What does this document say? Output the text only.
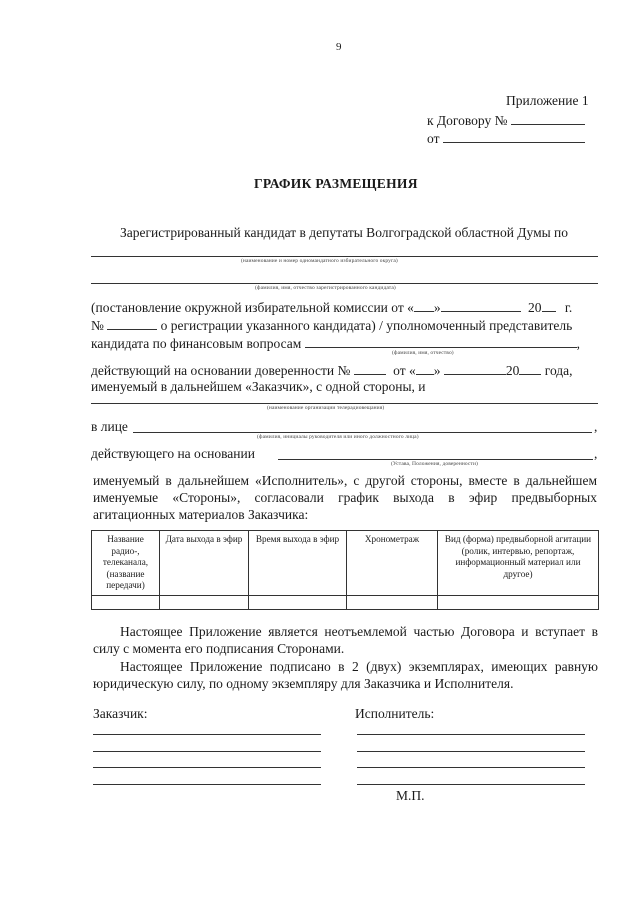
9
Приложение 1
к Договору №
от
ГРАФИК РАЗМЕЩЕНИЯ
Зарегистрированный кандидат в депутаты Волгоградской областной Думы по
(наименование и номер одномандатного избирательного округа)
(фамилия, имя, отчество зарегистрированного кандидата)
(постановление окружной избирательной комиссии от « »	20 г.
№	о регистрации указанного кандидата) / уполномоченный представитель
кандидата по финансовым вопросам	,
(фамилия, имя, отчество)
действующий на основании доверенности №	от « »	20 года,
именуемый в дальнейшем «Заказчик», с одной стороны, и
(наименование организации телерадиовещания)
в лице	,
(фамилия, инициалы руководителя или иного должностного лица)
действующего на основании	,
(Устава, Положения, доверенности)
именуемый в дальнейшем «Исполнитель», с другой стороны, вместе в дальнейшем
именуемые «Стороны», согласовали график выхода в эфир предвыборных
агитационных материалов Заказчика:
Название радио-, телеканала, (название передачи)	Дата выхода в эфир	Время выхода в эфир	Хронометраж	Вид (форма) предвыборной агитации (ролик, интервью, репортаж, информационный материал или другое)

Настоящее Приложение является неотъемлемой частью Договора и вступает в
силу с момента его подписания Сторонами.
Настоящее Приложение подписано в 2 (двух) экземплярах, имеющих равную
юридическую силу, по одному экземпляру для Заказчика и Исполнителя.
Заказчик:	Исполнитель:
М.П.
